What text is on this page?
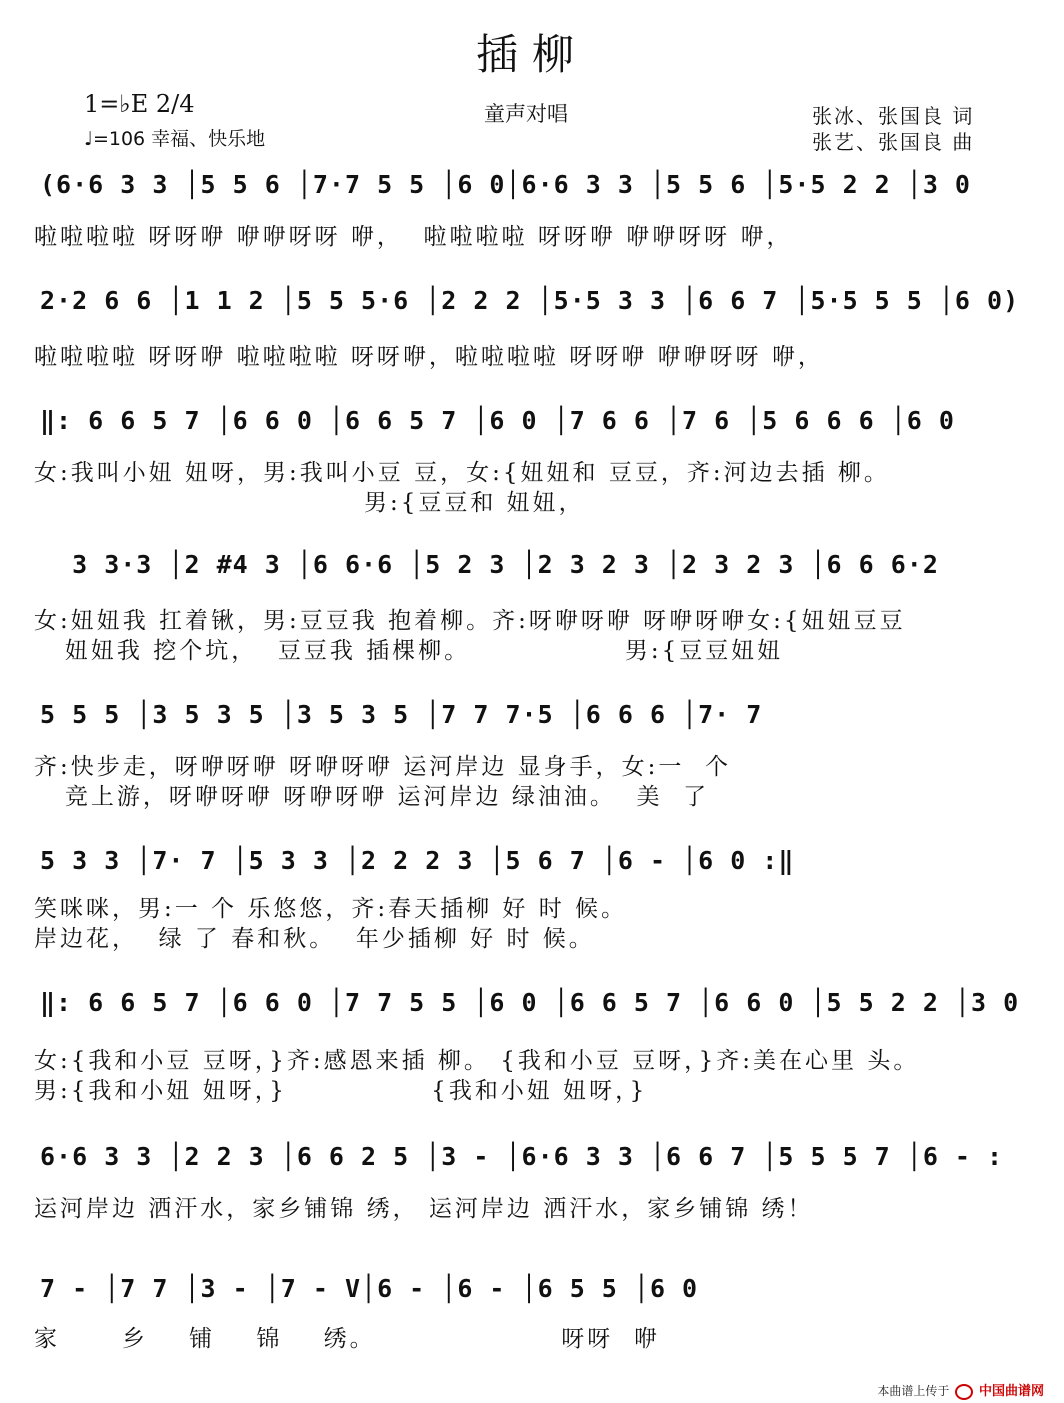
插柳
1=♭E 2/4
♩=106 幸福、快乐地
童声对唱	张冰、张国良 词
张艺、张国良 曲
(6·6 3 3 │5 5 6 │7·7 5 5 │6 0│6·6 3 3 │5 5 6 │5·5 2 2 │3 0
啦啦啦啦 呀呀咿 咿咿呀呀 咿，  啦啦啦啦 呀呀咿 咿咿呀呀 咿，
2·2 6 6 │1 1 2 │5 5 5·6 │2 2 2 │5·5 3 3 │6 6 7 │5·5 5 5 │6 0)
啦啦啦啦 呀呀咿 啦啦啦啦 呀呀咿，啦啦啦啦 呀呀咿 咿咿呀呀 咿，
‖: 6 6 5 7 │6 6 0 │6 6 5 7 │6 0 │7 6 6 │7 6 │5 6 6 6 │6 0
女:我叫小妞 妞呀，男:我叫小豆 豆，女:{妞妞和 豆豆，齐:河边去插 柳。
男:{豆豆和 妞妞，
3 3·3 │2 #4 3 │6 6·6 │5 2 3 │2 3 2 3 │2 3 2 3 │6 6 6·2
女:妞妞我 扛着锹，男:豆豆我 抱着柳。齐:呀咿呀咿 呀咿呀咿女:{妞妞豆豆
妞妞我 挖个坑，  豆豆我 插棵柳。               男:{豆豆妞妞
5 5 5 │3 5 3 5 │3 5 3 5 │7 7 7·5 │6 6 6 │7· 7
齐:快步走，呀咿呀咿 呀咿呀咿 运河岸边 显身手，女:一  个
竞上游，呀咿呀咿 呀咿呀咿 运河岸边 绿油油。  美  了
5 3 3 │7· 7 │5 3 3 │2 2 2 3 │5 6 7 │6 - │6 0 :‖
笑咪咪，男:一 个 乐悠悠，齐:春天插柳 好 时 候。
岸边花，  绿 了 春和秋。  年少插柳 好 时 候。
‖: 6 6 5 7 │6 6 0 │7 7 5 5 │6 0 │6 6 5 7 │6 6 0 │5 5 2 2 │3 0
女:{我和小豆 豆呀，}齐:感恩来插 柳。 {我和小豆 豆呀，}齐:美在心里 头。
男:{我和小妞 妞呀，}              {我和小妞 妞呀，}
6·6 3 3 │2 2 3 │6 6 2 5 │3 - │6·6 3 3 │6 6 7 │5 5 5 7 │6 - :
运河岸边 洒汗水，家乡铺锦 绣， 运河岸边 洒汗水，家乡铺锦 绣！
7 - │7 7 │3 - │7 - V│6 - │6 - │6 5 5 │6 0
家      乡    铺    锦    绣。                  呀呀  咿
本曲谱上传于 中国曲谱网
